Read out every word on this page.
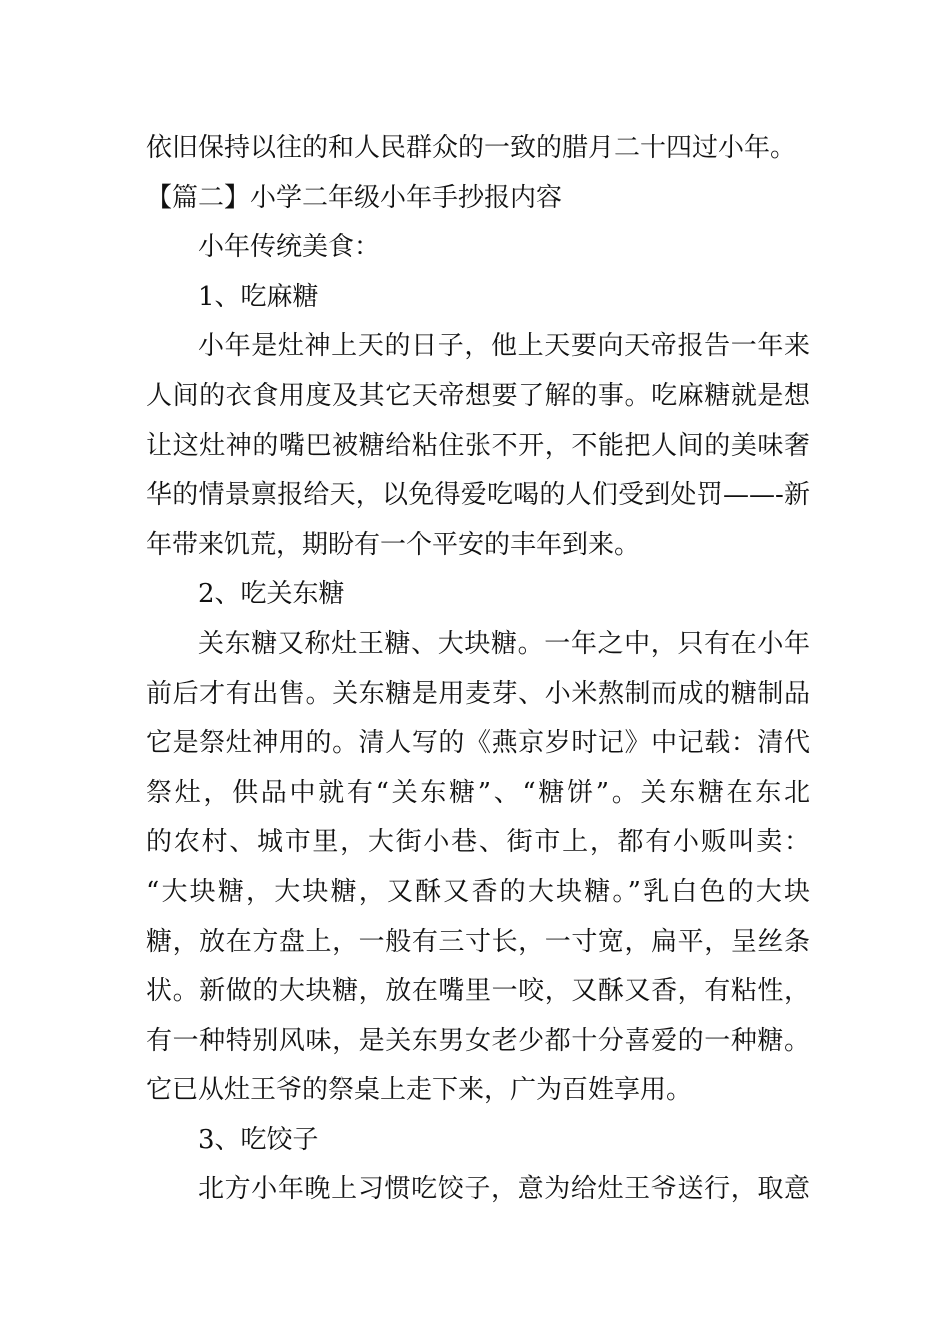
依旧保持以往的和人民群众的一致的腊月二十四过小年。
【篇二】小学二年级小年手抄报内容
小年传统美食：
1、吃麻糖
小年是灶神上天的日子，他上天要向天帝报告一年来
人间的衣食用度及其它天帝想要了解的事。吃麻糖就是想
让这灶神的嘴巴被糖给粘住张不开，不能把人间的美味奢
华的情景禀报给天，以免得爱吃喝的人们受到处罚——-新
年带来饥荒，期盼有一个平安的丰年到来。
2、吃关东糖
关东糖又称灶王糖、大块糖。一年之中，只有在小年
前后才有出售。关东糖是用麦芽、小米熬制而成的糖制品
它是祭灶神用的。清人写的《燕京岁时记》中记载：清代
祭灶，供品中就有“关东糖”、“糖饼”。关东糖在东北
的农村、城市里，大街小巷、街市上，都有小贩叫卖：
“大块糖，大块糖，又酥又香的大块糖。”乳白色的大块
糖，放在方盘上，一般有三寸长，一寸宽，扁平，呈丝条
状。新做的大块糖，放在嘴里一咬，又酥又香，有粘性，
有一种特别风味，是关东男女老少都十分喜爱的一种糖。
它已从灶王爷的祭桌上走下来，广为百姓享用。
3、吃饺子
北方小年晚上习惯吃饺子，意为给灶王爷送行，取意
